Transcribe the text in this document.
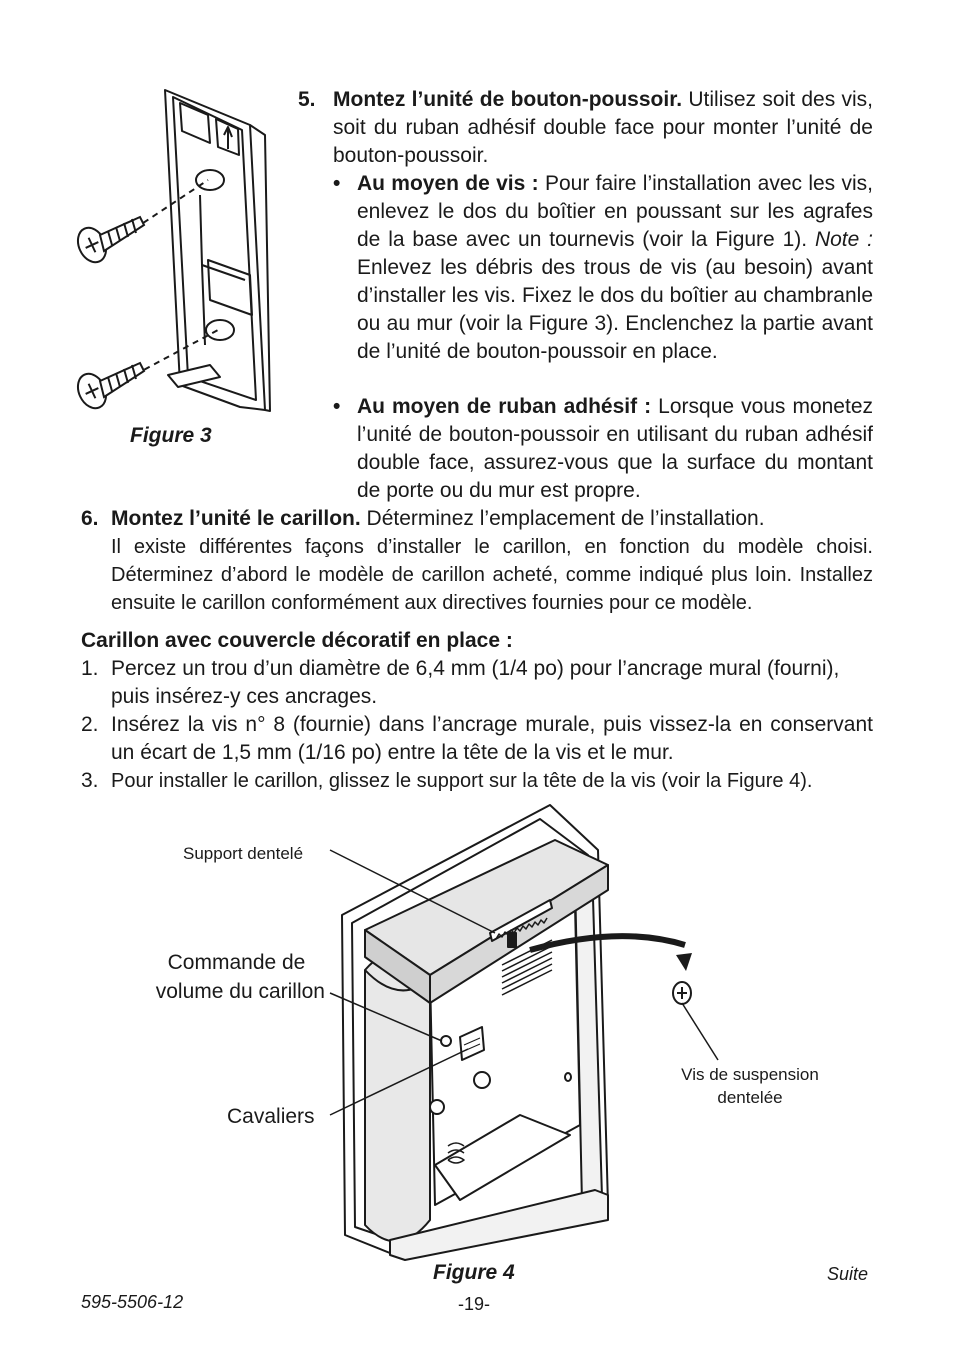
Figure 3
5. Montez l’unité de bouton-poussoir. Utilisez soit des vis, soit du ruban adhésif double face pour monter l’unité de bouton-poussoir.
• Au moyen de vis : Pour faire l’installation avec les vis, enlevez le dos du boîtier en poussant sur les agrafes de la base avec un tournevis (voir la Figure 1). Note : Enlevez les débris des trous de vis (au besoin) avant d’installer les vis. Fixez le dos du boîtier au chambranle ou au mur (voir la Figure 3). Enclenchez la partie avant de l’unité de bouton-poussoir en place.
• Au moyen de ruban adhésif : Lorsque vous monetez l’unité de bouton-poussoir en utilisant du ruban adhésif double face, assurez-vous que la surface du montant de porte ou du mur est propre.
6. Montez l’unité le carillon. Déterminez l’emplacement de l’installation.
Il existe différentes façons d’installer le carillon, en fonction du modèle choisi. Déterminez d’abord le modèle de carillon acheté, comme indiqué plus loin. Installez ensuite le carillon conformément aux directives fournies pour ce modèle.
Carillon avec couvercle décoratif en place :
1. Percez un trou d’un diamètre de 6,4 mm (1/4 po) pour l’ancrage mural (fourni), puis insérez-y ces ancrages.
2. Insérez la vis n° 8 (fournie) dans l’ancrage murale, puis vissez-la en conservant un écart de 1,5 mm (1/16 po) entre la tête de la vis et le mur.
3. Pour installer le carillon, glissez le support sur la tête de la vis (voir la Figure 4).
Support dentelé
Commande de
volume du carillon
Cavaliers
Vis de suspension
dentelée
Figure 4	Suite
595-5506-12	-19-
